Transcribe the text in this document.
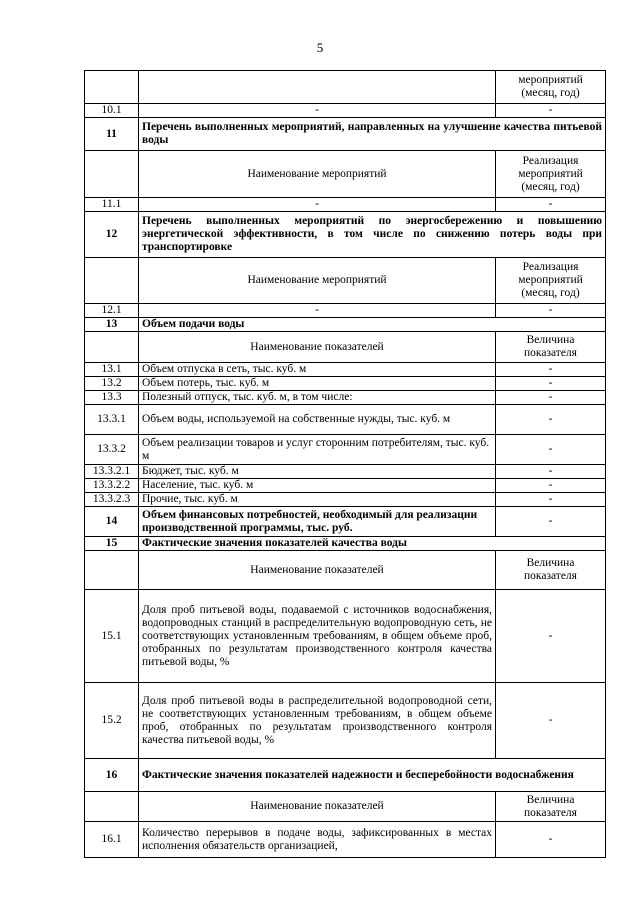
5
		мероприятий (месяц, год)
10.1	-	-
11	Перечень выполненных мероприятий, направленных на улучшение качества питьевой воды	
	Наименование мероприятий	Реализация мероприятий (месяц, год)
11.1	-	-
12	Перечень выполненных мероприятий по энергосбережению и повышению энергетической эффективности, в том числе по снижению потерь воды при транспортировке	
	Наименование мероприятий	Реализация мероприятий (месяц, год)
12.1	-	-
13	Объем подачи воды	
	Наименование показателей	Величина показателя
13.1	Объем отпуска в сеть, тыс. куб. м	-
13.2	Объем потерь, тыс. куб. м	-
13.3	Полезный отпуск, тыс. куб. м, в том числе:	-
13.3.1	Объем воды, используемой на собственные нужды, тыс. куб. м	-
13.3.2	Объем реализации товаров и услуг сторонним потребителям, тыс. куб. м	-
13.3.2.1	Бюджет, тыс. куб. м	-
13.3.2.2	Население, тыс. куб. м	-
13.3.2.3	Прочие, тыс. куб. м	-
14	Объем финансовых потребностей, необходимый для реализации производственной программы, тыс. руб.	-
15	Фактические значения показателей качества воды	
	Наименование показателей	Величина показателя
15.1	Доля проб питьевой воды, подаваемой с источников водоснабжения, водопроводных станций в распределительную водопроводную сеть, не соответствующих установленным требованиям, в общем объеме проб, отобранных по результатам производственного контроля качества питьевой воды, %	-
15.2	Доля проб питьевой воды в распределительной водопроводной сети, не соответствующих установленным требованиям, в общем объеме проб, отобранных по результатам производственного контроля качества питьевой воды, %	-
16	Фактические значения показателей надежности и бесперебойности водоснабжения	
	Наименование показателей	Величина показателя
16.1	Количество перерывов в подаче воды, зафиксированных в местах исполнения обязательств организацией,	-
